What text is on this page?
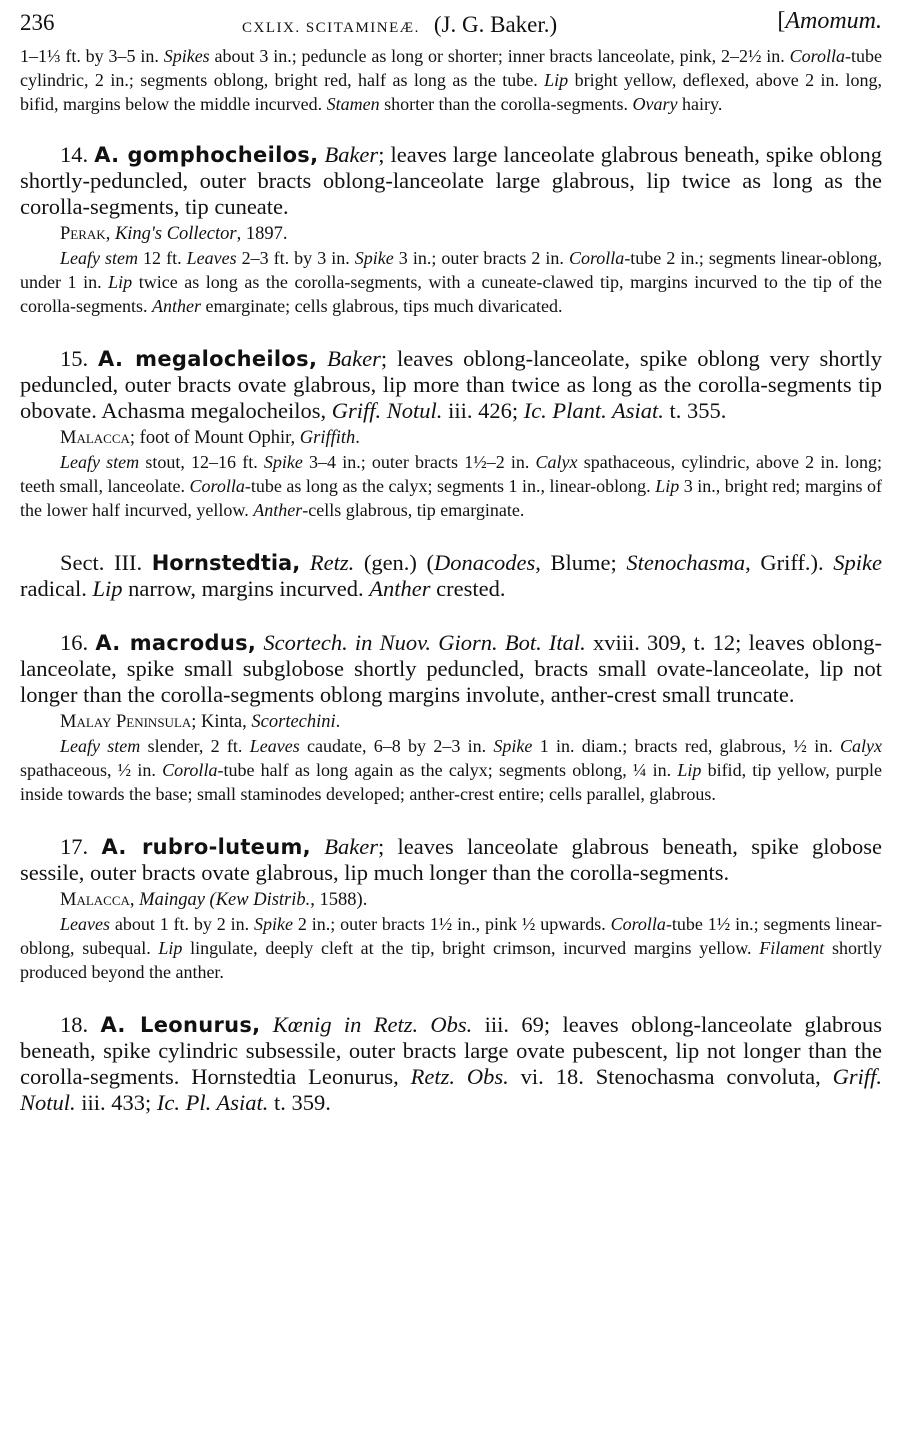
236	CXLIX. SCITAMINEÆ. (J. G. Baker.)	[Amomum.

1–1⅓ ft. by 3–5 in. Spikes about 3 in.; peduncle as long or shorter; inner bracts lanceolate, pink, 2–2½ in. Corolla-tube cylindric, 2 in.; segments oblong, bright red, half as long as the tube. Lip bright yellow, deflexed, above 2 in. long, bifid, margins below the middle incurved. Stamen shorter than the corolla-segments. Ovary hairy.

14. A. gomphocheilos, Baker; leaves large lanceolate glabrous beneath, spike oblong shortly-peduncled, outer bracts oblong-lanceolate large glabrous, lip twice as long as the corolla-segments, tip cuneate.

Perak, King's Collector, 1897.

Leafy stem 12 ft. Leaves 2–3 ft. by 3 in. Spike 3 in.; outer bracts 2 in. Corolla-tube 2 in.; segments linear-oblong, under 1 in. Lip twice as long as the corolla-segments, with a cuneate-clawed tip, margins incurved to the tip of the corolla-segments. Anther emarginate; cells glabrous, tips much divaricated.

15. A. megalocheilos, Baker; leaves oblong-lanceolate, spike oblong very shortly peduncled, outer bracts ovate glabrous, lip more than twice as long as the corolla-segments tip obovate. Achasma megalocheilos, Griff. Notul. iii. 426; Ic. Plant. Asiat. t. 355.

Malacca; foot of Mount Ophir, Griffith.

Leafy stem stout, 12–16 ft. Spike 3–4 in.; outer bracts 1½–2 in. Calyx spathaceous, cylindric, above 2 in. long; teeth small, lanceolate. Corolla-tube as long as the calyx; segments 1 in., linear-oblong. Lip 3 in., bright red; margins of the lower half incurved, yellow. Anther-cells glabrous, tip emarginate.

Sect. III. Hornstedtia, Retz. (gen.) (Donacodes, Blume; Stenochasma, Griff.). Spike radical. Lip narrow, margins incurved. Anther crested.

16. A. macrodus, Scortech. in Nuov. Giorn. Bot. Ital. xviii. 309, t. 12; leaves oblong-lanceolate, spike small subglobose shortly peduncled, bracts small ovate-lanceolate, lip not longer than the corolla-segments oblong margins involute, anther-crest small truncate.

Malay Peninsula; Kinta, Scortechini.

Leafy stem slender, 2 ft. Leaves caudate, 6–8 by 2–3 in. Spike 1 in. diam.; bracts red, glabrous, ½ in. Calyx spathaceous, ½ in. Corolla-tube half as long again as the calyx; segments oblong, ¼ in. Lip bifid, tip yellow, purple inside towards the base; small staminodes developed; anther-crest entire; cells parallel, glabrous.

17. A. rubro-luteum, Baker; leaves lanceolate glabrous beneath, spike globose sessile, outer bracts ovate glabrous, lip much longer than the corolla-segments.

Malacca, Maingay (Kew Distrib., 1588).

Leaves about 1 ft. by 2 in. Spike 2 in.; outer bracts 1½ in., pink ½ upwards. Corolla-tube 1½ in.; segments linear-oblong, subequal. Lip lingulate, deeply cleft at the tip, bright crimson, incurved margins yellow. Filament shortly produced beyond the anther.

18. A. Leonurus, Kœnig in Retz. Obs. iii. 69; leaves oblong-lanceolate glabrous beneath, spike cylindric subsessile, outer bracts large ovate pubescent, lip not longer than the corolla-segments. Hornstedtia Leonurus, Retz. Obs. vi. 18. Stenochasma convoluta, Griff. Notul. iii. 433; Ic. Pl. Asiat. t. 359.
